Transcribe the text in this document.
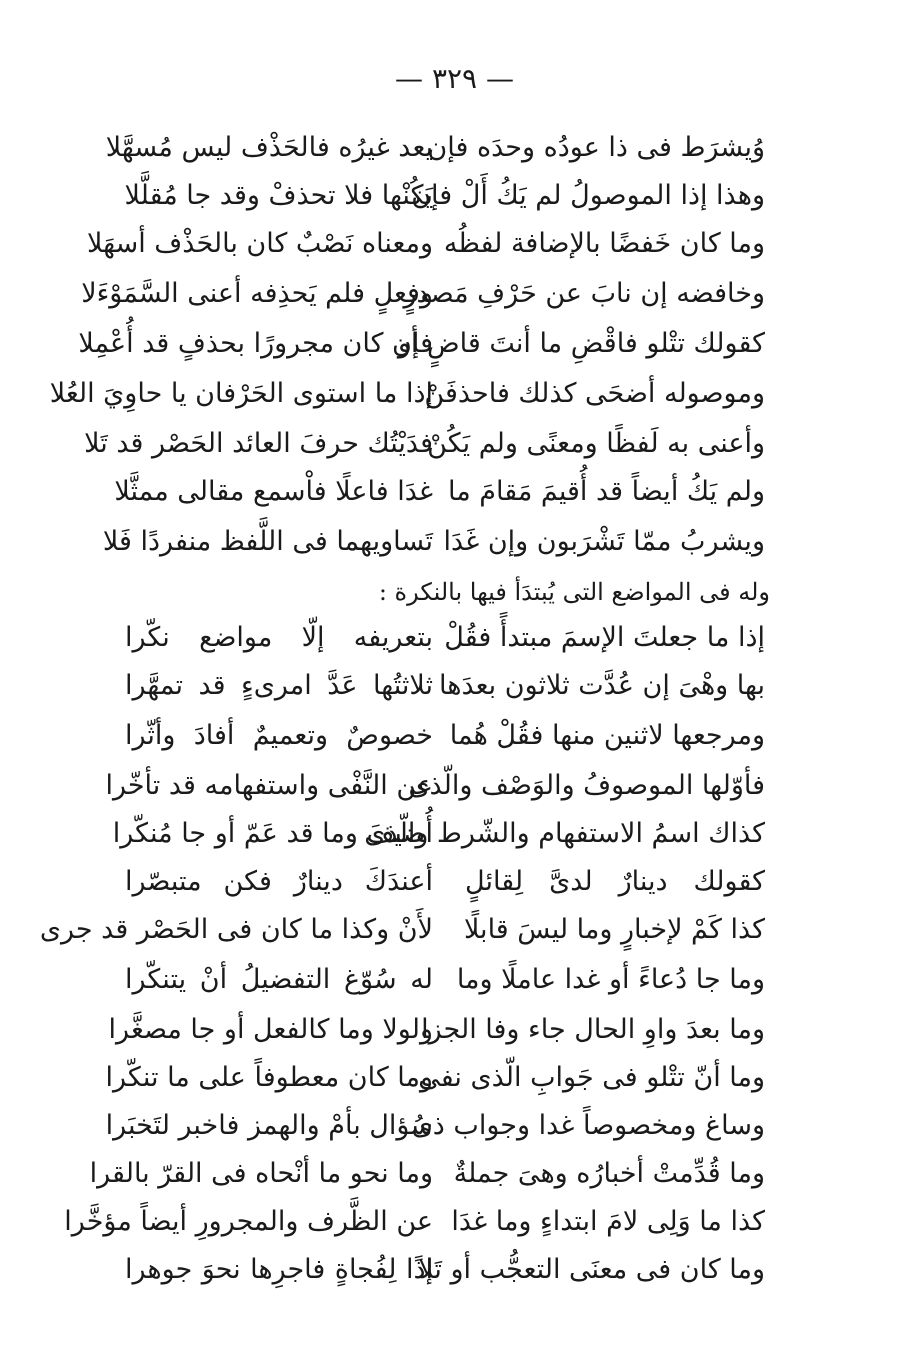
— ٣٢٩ —
وُيشرَط فى ذا عودُه وحدَه فإن
يعد غيرُه فالحَذْف ليس مُسهَّلا
وهذا إذا الموصولُ لم يَكُ أَلْ فإن
يَكُنْها فلا تحذفْ وقد جا مُقلَّلا
وما كان خَفضًا بالإضافة لفظُه
ومعناه نَصْبٌ كان بالحَذْف أسهَلا
وخافضه إن نابَ عن حَرْفِ مَصدرٍ
وفعلٍ فلم يَحذِفه أعنى السَّمَوْءَلا
كقولك تتْلو فاقْضِ ما أنتَ قاضٍ أو
فإن كان مجرورًا بحذفٍ قد أُعْمِلا
وموصوله أضحَى كذلك فاحذفَنْ
إذا ما استوى الحَرْفان يا حاوِيَ العُلا
وأعنى به لَفظًا ومعنًى ولم يَكُنْ
فدَيْتُك حرفَ العائد الحَصْر قد تَلا
ولم يَكُ أيضاً قد أُقيمَ مَقامَ ما
غدَا فاعلًا فاْسمع مقالى ممثَّلا
ويشربُ ممّا تَشْرَبون وإن غَدَا
تَساويهما فى اللَّفظ منفردًا فَلا
وله فى المواضع التى يُبتدَأ فيها بالنكرة :
إذا ما جعلتَ الإسمَ مبتدأً فقُلْ
بتعريفه إلّا مواضع نكّرا
بها وهْىَ إن عُدَّت ثلاثون بعدَها
ثلاثتُها عَدَّ امرىءٍ قد تمهَّرا
ومرجعها لاثنين منها فقُلْ هُما
خصوصٌ وتعميمٌ أفادَ وأثّرا
فأوّلها الموصوفُ والوَصْف والّذى
عن النَّفْى واستفهامه قد تأخّرا
كذاك اسمُ الاستفهام والشّرط والّذى
أُضيفَ وما قد عَمّ أو جا مُنكّرا
كقولك دينارٌ لدىَّ لِقائلٍ
أعندَكَ دينارٌ فكن متبصّرا
كذا كَمْ لإخبارٍ وما ليسَ قابلًا
لأَنْ وكذا ما كان فى الحَصْر قد جرى
وما جا دُعاءً أو غدا عاملًا وما
له سُوّغ التفضيلُ أنْ يتنكّرا
وما بعدَ واوِ الحال جاء وفا الجزا
ولولا وما كالفعل أو جا مصغَّرا
وما أنّ تتْلو فى جَوابِ الّذى نفى
وما كان معطوفاً على ما تنكّرا
وساغ ومخصوصاً غدا وجواب ذى
سُؤال بأمْ والهمز فاخبر لتَخبَرا
وما قُدِّمتْ أخبارُه وهىَ جملةٌ
وما نحو ما أنْحاه فى القرّ بالقرا
كذا ما وَلِى لامَ ابتداءٍ وما غدَا
عن الظَّرف والمجرورِ أيضاً مؤخَّرا
وما كان فى معنَى التعجُّب أو تَلا
إذًا لِفُجاةٍ فاجرِها نحوَ جوهرا
